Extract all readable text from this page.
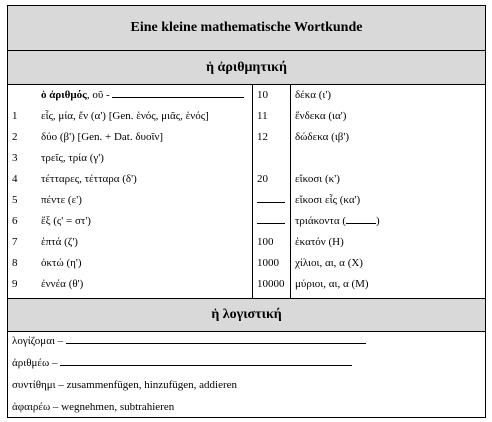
Eine kleine mathematische Wortkunde
ἡ ἀριθμητική
ὁ ἀριθμός, οῦ -	10 δέκα (ι')
1 εἷς, μία, ἕν (α') [Gen. ἑνός, μιᾶς, ἑνός]	11 ἕνδεκα (ια')
2 δύο (β') [Gen. + Dat. δυοῖν]	12 δώδεκα (ιβ')
3 τρεῖς, τρία (γ')
4 τέτταρες, τέτταρα (δ')	20 εἴκοσι (κ')
5 πέντε (ε')	εἴκοσι εἷς (κα')
6 ἕξ (ς' = στ')	τριάκοντα (	)
7 ἑπτά (ζ')	100 ἑκατόν (Η)
8 ὀκτώ (η')	1000 χίλιοι, αι, α (Χ)
9 ἐννέα (θ')	10000 μύριοι, αι, α (Μ)
ἡ λογιστική
λογίζομαι –
ἀριθμέω –
συντίθημι – zusammenfügen, hinzufügen, addieren
ἀφαιρέω – wegnehmen, subtrahieren
